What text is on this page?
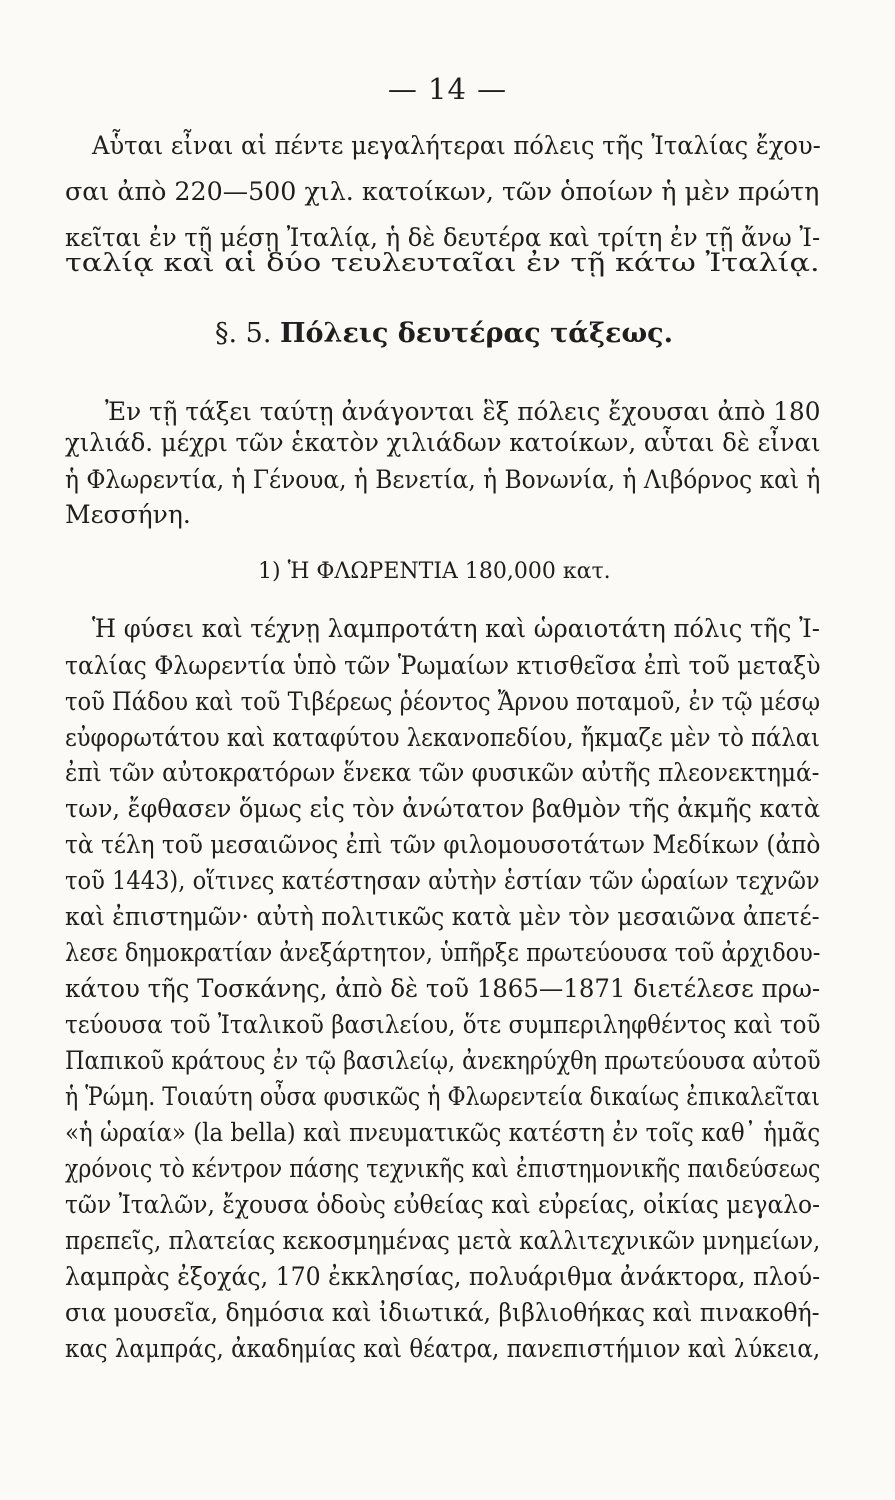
— 14 —
Αὗται εἶναι αἱ πέντε μεγαλήτεραι πόλεις τῆς Ἰταλίας ἔχου-
σαι ἀπὸ 220—500 χιλ. κατοίκων, τῶν ὁποίων ἡ μὲν πρώτη
κεῖται ἐν τῇ μέσῃ Ἰταλίᾳ, ἡ δὲ δευτέρα καὶ τρίτη ἐν τῇ ἄνω Ἰ-
ταλίᾳ καὶ αἱ δύο τευλευταῖαι ἐν τῇ κάτω Ἰταλίᾳ.
§. 5. Πόλεις δευτέρας τάξεως.
Ἐν τῇ τάξει ταύτῃ ἀνάγονται ἓξ πόλεις ἔχουσαι ἀπὸ 180
χιλιάδ. μέχρι τῶν ἑκατὸν χιλιάδων κατοίκων, αὗται δὲ εἶναι
ἡ Φλωρεντία, ἡ Γένουα, ἡ Βενετία, ἡ Βονωνία, ἡ Λιβόρνος καὶ ἡ
Μεσσήνη.
1) Ἡ ΦΛΩΡΕΝΤΙΑ 180,000 κατ.
Ἡ φύσει καὶ τέχνῃ λαμπροτάτη καὶ ὡραιοτάτη πόλις τῆς Ἰ-
ταλίας Φλωρεντία ὑπὸ τῶν Ῥωμαίων κτισθεῖσα ἐπὶ τοῦ μεταξὺ
τοῦ Πάδου καὶ τοῦ Τιβέρεως ῥέοντος Ἄρνου ποταμοῦ, ἐν τῷ μέσῳ
εὐφορωτάτου καὶ καταφύτου λεκανοπεδίου, ἤκμαζε μὲν τὸ πάλαι
ἐπὶ τῶν αὐτοκρατόρων ἕνεκα τῶν φυσικῶν αὐτῆς πλεονεκτημά-
των, ἔφθασεν ὅμως εἰς τὸν ἀνώτατον βαθμὸν τῆς ἀκμῆς κατὰ
τὰ τέλη τοῦ μεσαιῶνος ἐπὶ τῶν φιλομουσοτάτων Μεδίκων (ἀπὸ
τοῦ 1443), οἵτινες κατέστησαν αὐτὴν ἑστίαν τῶν ὡραίων τεχνῶν
καὶ ἐπιστημῶν· αὐτὴ πολιτικῶς κατὰ μὲν τὸν μεσαιῶνα ἀπετέ-
λεσε δημοκρατίαν ἀνεξάρτητον, ὑπῆρξε πρωτεύουσα τοῦ ἀρχιδου-
κάτου τῆς Τοσκάνης, ἀπὸ δὲ τοῦ 1865—1871 διετέλεσε πρω-
τεύουσα τοῦ Ἰταλικοῦ βασιλείου, ὅτε συμπεριληφθέντος καὶ τοῦ
Παπικοῦ κράτους ἐν τῷ βασιλείῳ, ἀνεκηρύχθη πρωτεύουσα αὐτοῦ
ἡ Ῥώμη. Τοιαύτη οὖσα φυσικῶς ἡ Φλωρεντεία δικαίως ἐπικαλεῖται
«ἡ ὡραία» (la bella) καὶ πνευματικῶς κατέστη ἐν τοῖς καθ᾽ ἡμᾶς
χρόνοις τὸ κέντρον πάσης τεχνικῆς καὶ ἐπιστημονικῆς παιδεύσεως
τῶν Ἰταλῶν, ἔχουσα ὁδοὺς εὐθείας καὶ εὐρείας, οἰκίας μεγαλο-
πρεπεῖς, πλατείας κεκοσμημένας μετὰ καλλιτεχνικῶν μνημείων,
λαμπρὰς ἐξοχάς, 170 ἐκκλησίας, πολυάριθμα ἀνάκτορα, πλού-
σια μουσεῖα, δημόσια καὶ ἰδιωτικά, βιβλιοθήκας καὶ πινακοθή-
κας λαμπράς, ἀκαδημίας καὶ θέατρα, πανεπιστήμιον καὶ λύκεια,
